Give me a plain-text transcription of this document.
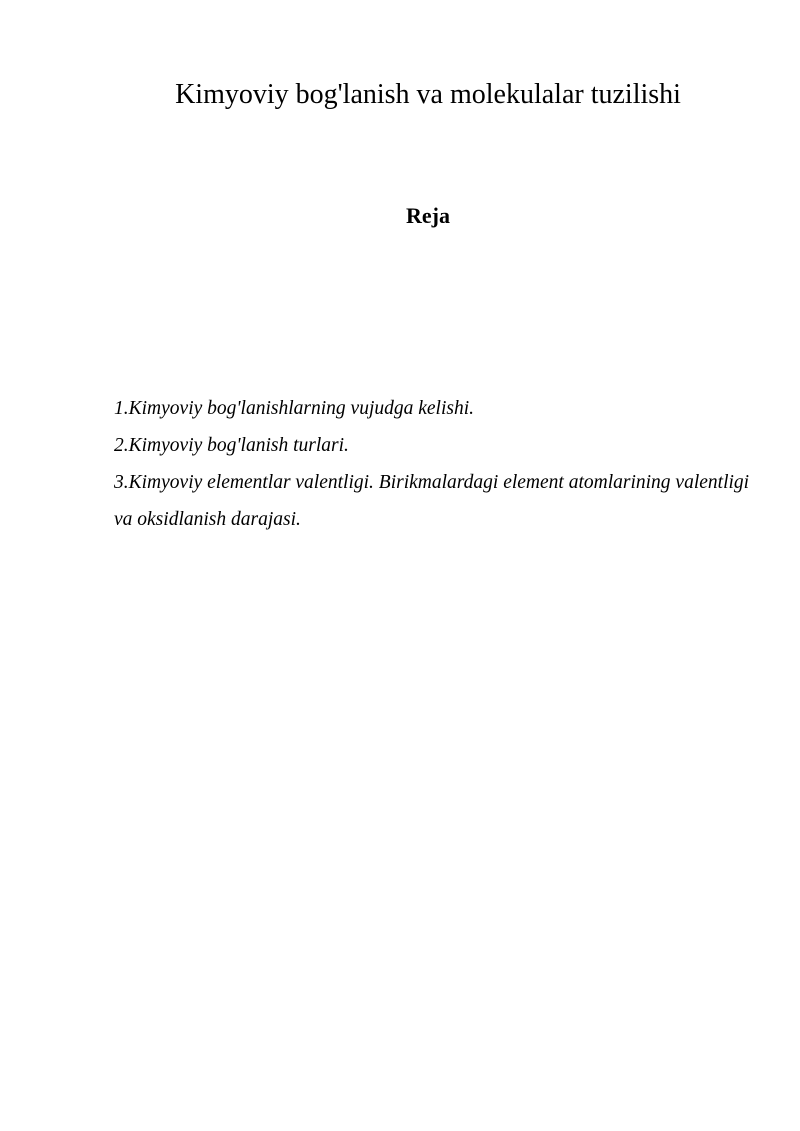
Kimyoviy bog'lanish va molekulalar tuzilishi
Reja
1.Kimyoviy bog'lanishlarning vujudga kelishi.
2.Kimyoviy bog'lanish turlari.
3.Kimyoviy elementlar valentligi. Birikmalardagi element atomlarining valentligi va oksidlanish darajasi.
